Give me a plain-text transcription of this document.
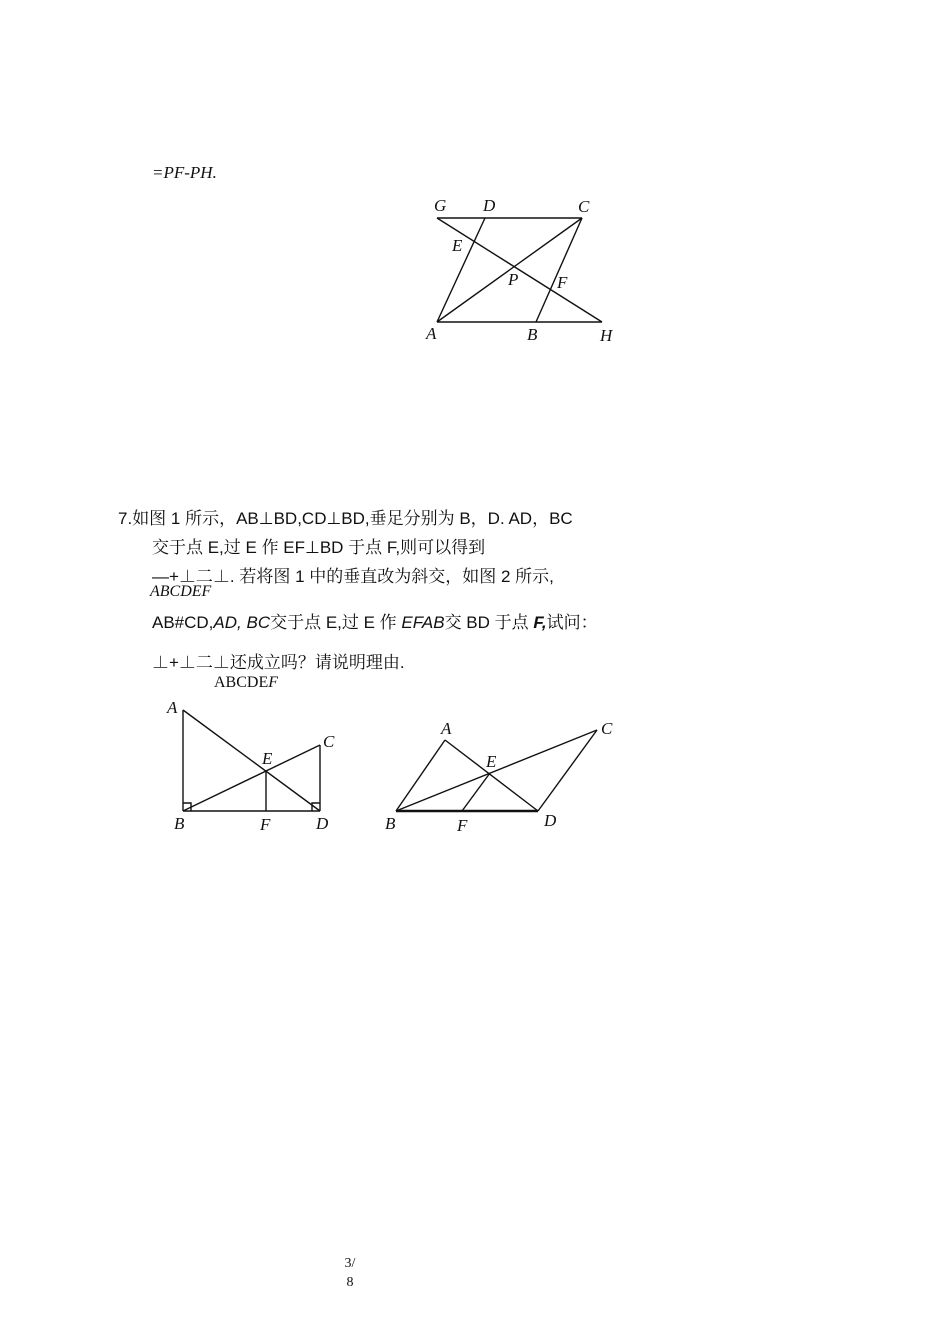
=PF-PH.
G D	C
E
P F
A	B	H
7.如图 1 所示，AB⊥BD,CD⊥BD,垂足分别为 B，D. AD，BC
交于点 E,过 E 作 EF⊥BD 于点 F,则可以得到
—+⊥二⊥. 若将图 1 中的垂直改为斜交，如图 2 所示,
ABCDEF
AB#CD,AD, BC交于点 E,过 E 作 EFAB交 BD 于点 F,试问：
⊥+⊥二⊥还成立吗？请说明理由.
ABCDEF
A
C
E
B	F	D
A	C
E
B	F	D
3/
8
